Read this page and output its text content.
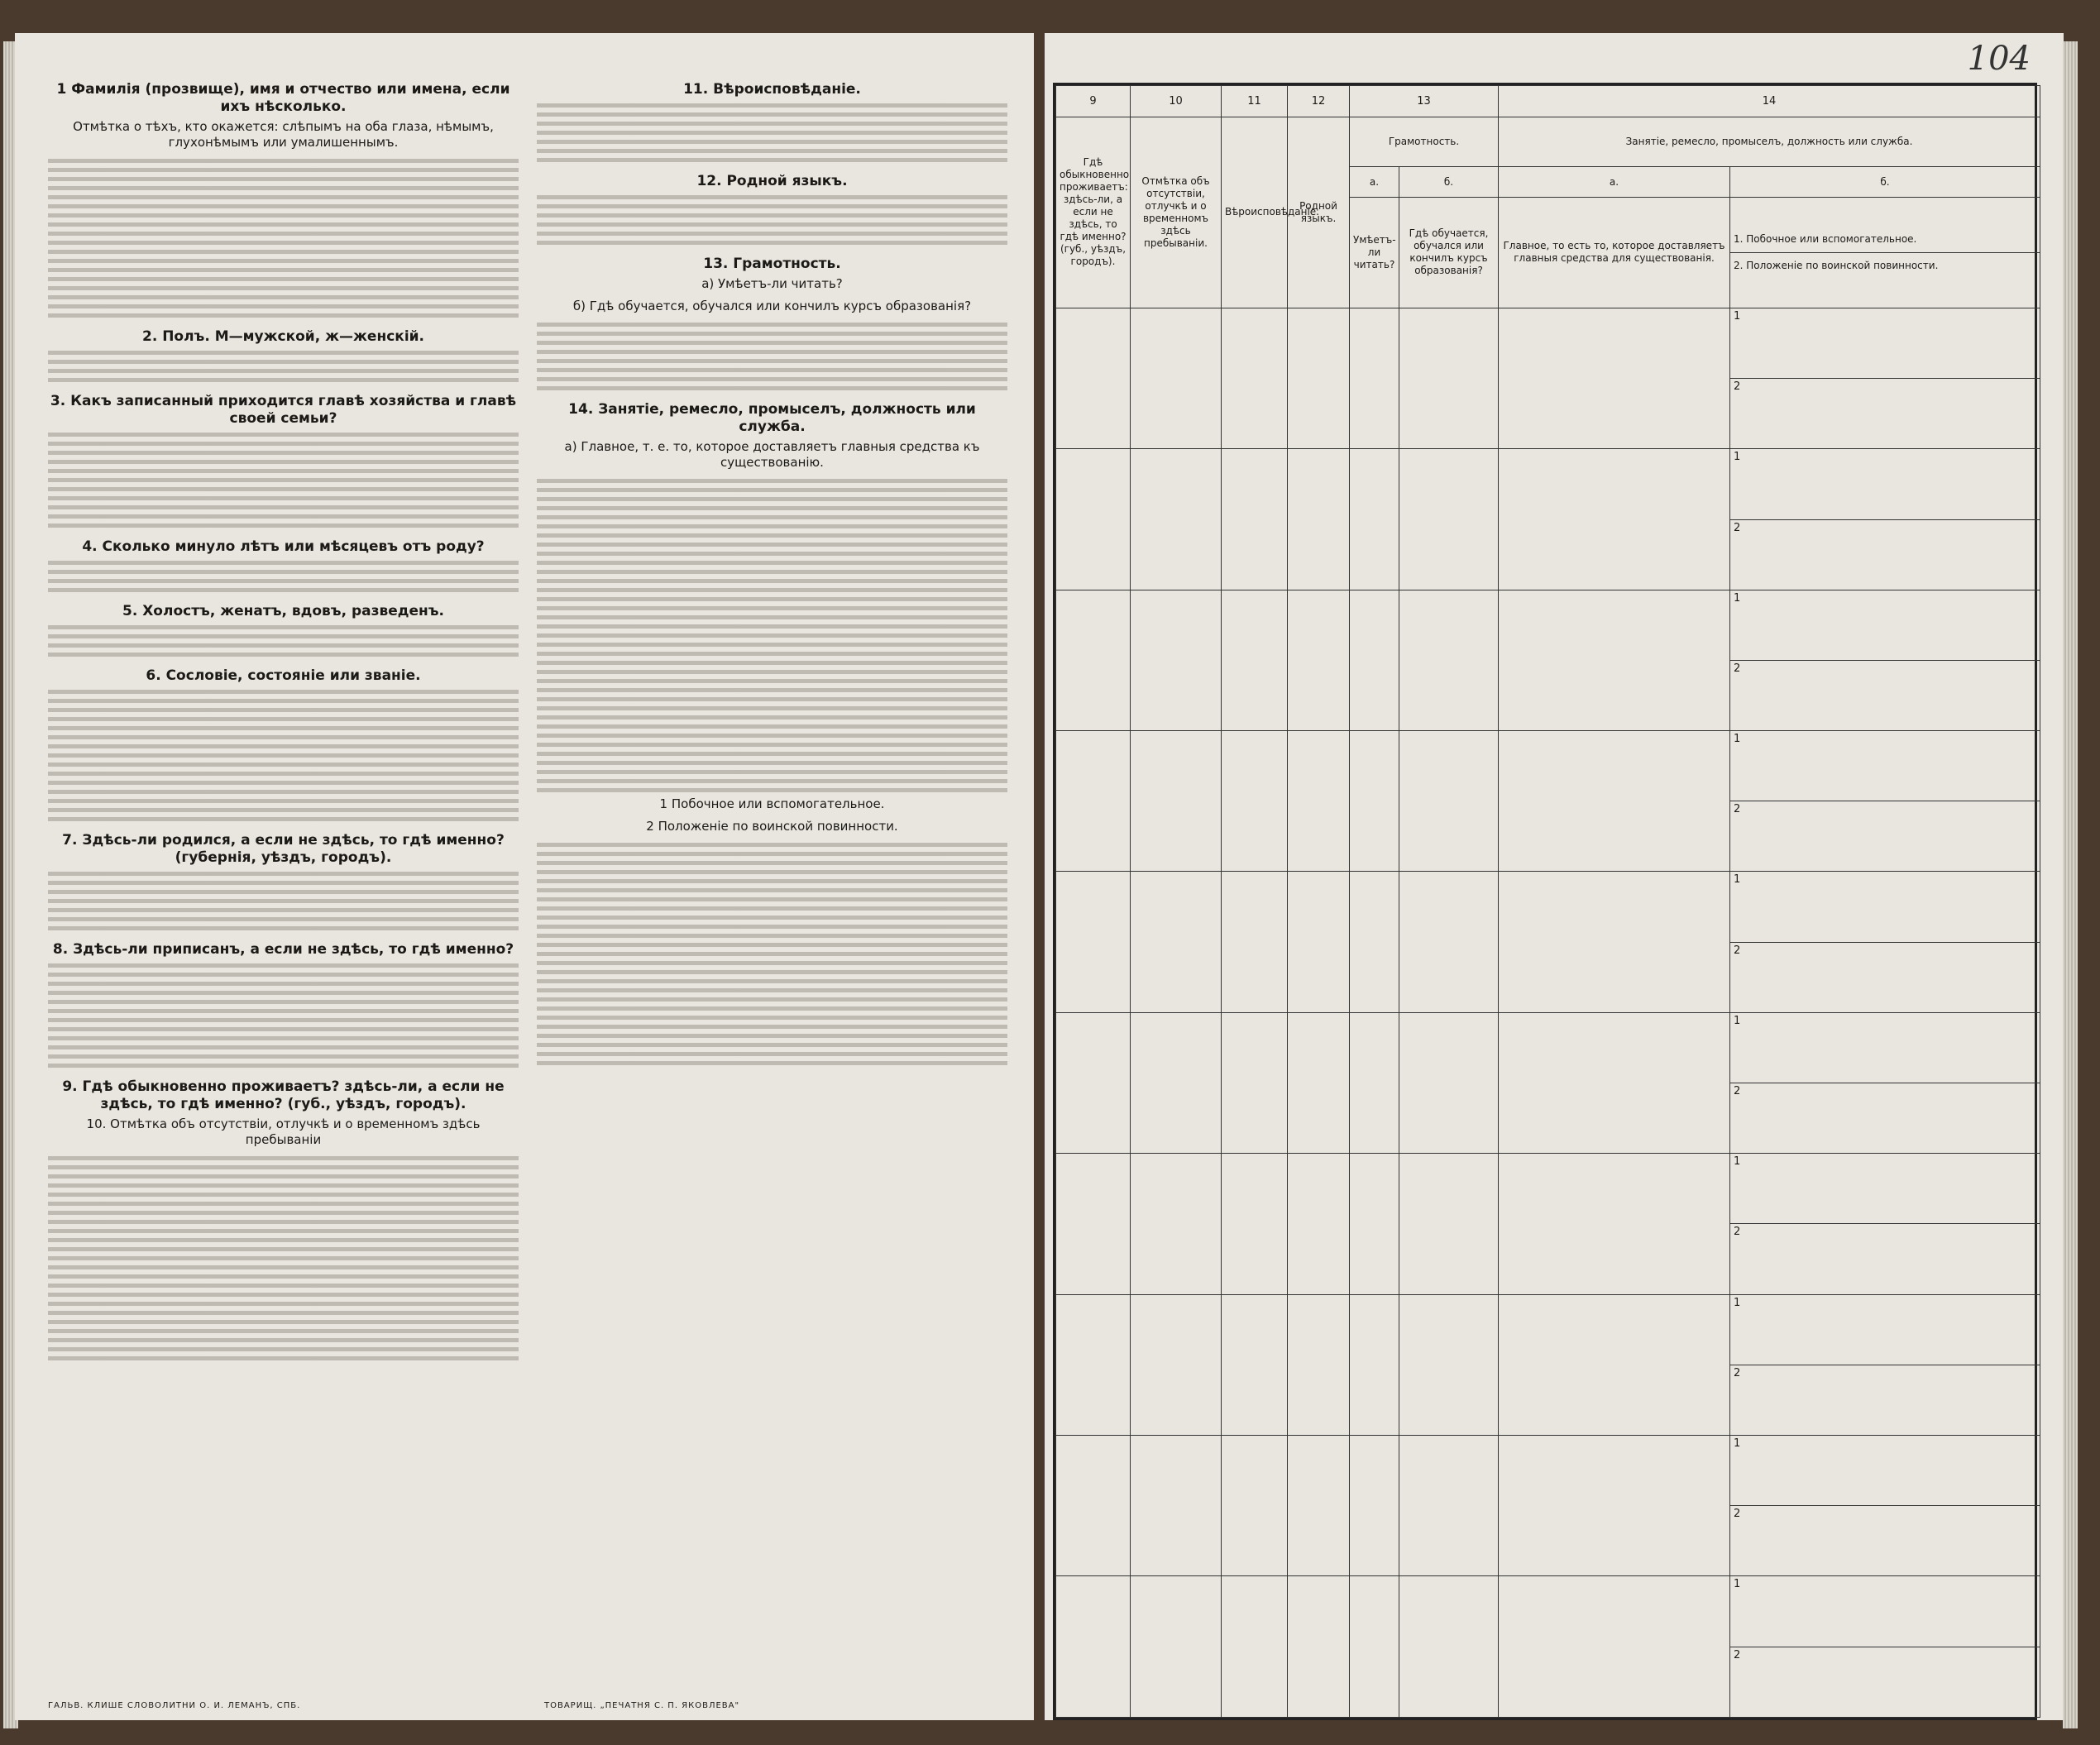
1 Фамилія (прозвище), имя и отчество или имена, если ихъ нѣсколько.
Отмѣтка о тѣхъ, кто окажется: слѣпымъ на оба глаза, нѣмымъ, глухонѣмымъ или умалишеннымъ.
2. Полъ. М—мужской, ж—женскій.
3. Какъ записанный приходится главѣ хозяйства и главѣ своей семьи?
4. Сколько минуло лѣтъ или мѣсяцевъ отъ роду?
5. Холостъ, женатъ, вдовъ, разведенъ.
6. Сословіе, состояніе или званіе.
7. Здѣсь-ли родился, а если не здѣсь, то гдѣ именно? (губернія, уѣздъ, городъ).
8. Здѣсь-ли приписанъ, а если не здѣсь, то гдѣ именно?
9. Гдѣ обыкновенно проживаетъ? здѣсь-ли, а если не здѣсь, то гдѣ именно? (губ., уѣздъ, городъ).
10. Отмѣтка объ отсутствіи, отлучкѣ и о временномъ здѣсь пребываніи
11. Вѣроисповѣданіе.
12. Родной языкъ.
13. Грамотность.
а) Умѣетъ-ли читать?
б) Гдѣ обучается, обучался или кончилъ курсъ образованія?
14. Занятіе, ремесло, промыселъ, должность или служба.
а) Главное, т. е. то, которое доставляетъ главныя средства къ существованію.
1 Побочное или вспомогательное.
2 Положеніе по воинской повинности.
ГАЛЬВ. КЛИШЕ СЛОВОЛИТНИ О. И. ЛЕМАНЪ, СПБ.	ТОВАРИЩ. „ПЕЧАТНЯ С. П. ЯКОВЛЕВА"
104
9	10	11	12	13		14	
Гдѣ обыкновенно проживаетъ: здѣсь-ли, а если не здѣсь, то гдѣ именно? (губ., уѣздъ, городъ).	Отмѣтка объ отсутствіи, отлучкѣ и о временномъ здѣсь пребываніи.	Вѣроисповѣданіе.	Родной языкъ.	Грамотность.		Занятіе, ремесло, промыселъ, должность или служба.	
				а.	б.	а.	б.
				Умѣетъ-ли читать?	Гдѣ обучается, обучался или кончилъ курсъ образованія?	Главное, то есть то, которое доставляетъ главныя средства для существованія.	1. Побочное или вспомогательное.
2. Положеніе по воинской повинности.

							1
							2
							1
							2
							1
							2
							1
							2
							1
							2
							1
							2
							1
							2
							1
							2
							1
							2
							1
							2
